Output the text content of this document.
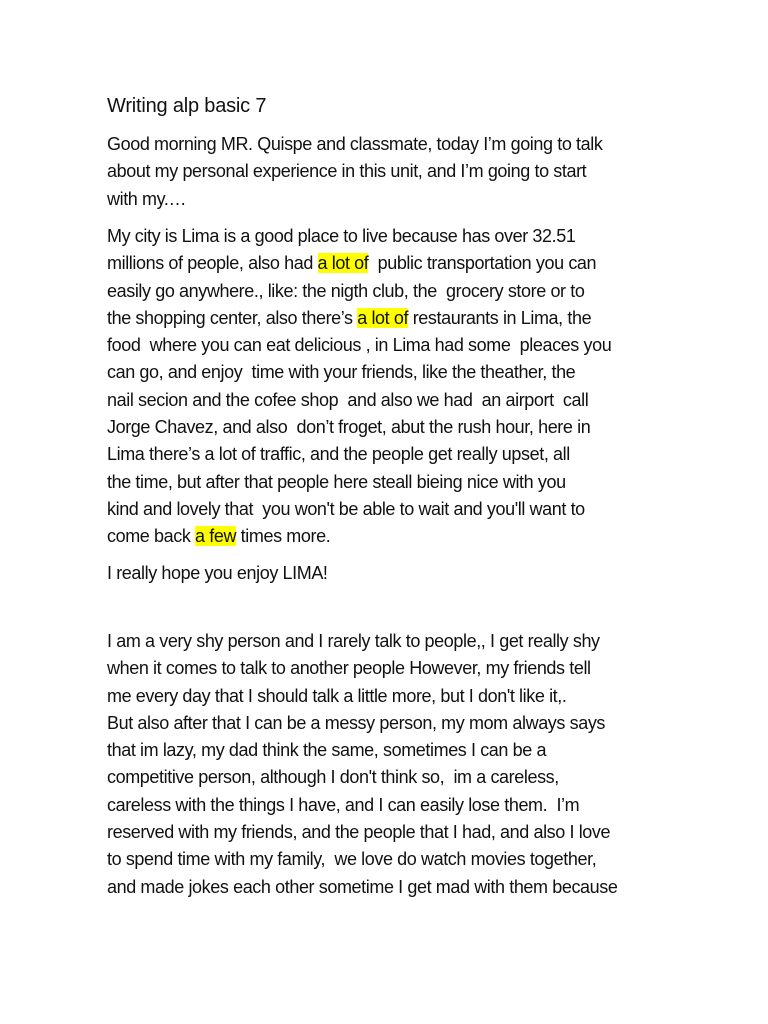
Writing alp basic 7
Good morning MR. Quispe and classmate, today I’m going to talk
about my personal experience in this unit, and I’m going to start
with my.…
My city is Lima is a good place to live because has over 32.51
millions of people, also had a lot of  public transportation you can
easily go anywhere., like: the nigth club, the  grocery store or to
the shopping center, also there’s a lot of restaurants in Lima, the
food  where you can eat delicious , in Lima had some  pleaces you
can go, and enjoy  time with your friends, like the theather, the
nail secion and the cofee shop  and also we had  an airport  call
Jorge Chavez, and also  don’t froget, abut the rush hour, here in
Lima there’s a lot of traffic, and the people get really upset, all
the time, but after that people here steall bieing nice with you
kind and lovely that  you won't be able to wait and you'll want to
come back a few times more.
I really hope you enjoy LIMA!
I am a very shy person and I rarely talk to people,, I get really shy
when it comes to talk to another people However, my friends tell
me every day that I should talk a little more, but I don't like it,.
But also after that I can be a messy person, my mom always says
that im lazy, my dad think the same, sometimes I can be a
competitive person, although I don't think so,  im a careless,
careless with the things I have, and I can easily lose them.  I’m
reserved with my friends, and the people that I had, and also I love
to spend time with my family,  we love do watch movies together,
and made jokes each other sometime I get mad with them because
